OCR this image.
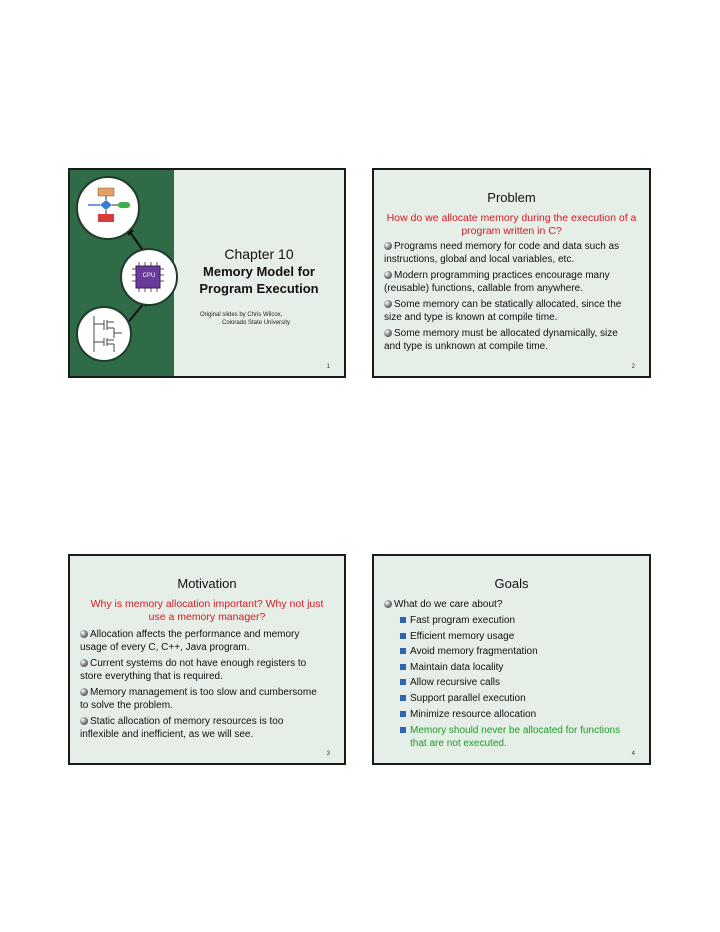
CPU
Chapter 10
Memory Model for
Program Execution
Original slides by Chris Wilcox,
Colorado State University
1
Problem
How do we allocate memory during the execution of a
program written in C?
Programs need memory for code and data such as
instructions, global and local variables, etc.
Modern programming practices encourage many
(reusable) functions, callable from anywhere.
Some memory can be statically allocated, since the
size and type is known at compile time.
Some memory must be allocated dynamically, size
and type is unknown at compile time.
2
Motivation
Why is memory allocation important? Why not just
use a memory manager?
Allocation affects the performance and memory
usage of every C, C++, Java program.
Current systems do not have enough registers to
store everything that is required.
Memory management is too slow and cumbersome
to solve the problem.
Static allocation of memory resources is too
inflexible and inefficient, as we will see.
3
Goals
What do we care about?
Fast program execution
Efficient memory usage
Avoid memory fragmentation
Maintain data locality
Allow recursive calls
Support parallel execution
Minimize resource allocation
Memory should never be allocated for functions
that are not executed.
4
